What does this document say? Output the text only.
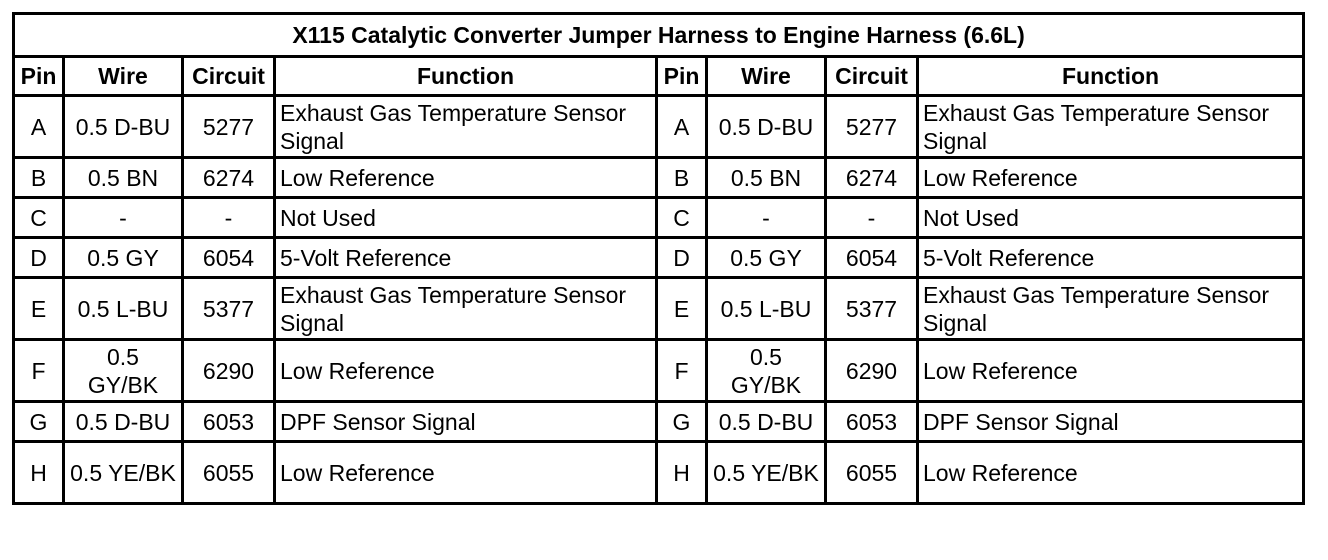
X115 Catalytic Converter Jumper Harness to Engine Harness (6.6L)							
Pin	Wire	Circuit	Function	Pin	Wire	Circuit	Function
A	0.5 D-BU	5277	Exhaust Gas Temperature Sensor Signal	A	0.5 D-BU	5277	Exhaust Gas Temperature Sensor Signal
B	0.5 BN	6274	Low Reference	B	0.5 BN	6274	Low Reference
C	-	-	Not Used	C	-	-	Not Used
D	0.5 GY	6054	5-Volt Reference	D	0.5 GY	6054	5-Volt Reference
E	0.5 L-BU	5377	Exhaust Gas Temperature Sensor Signal	E	0.5 L-BU	5377	Exhaust Gas Temperature Sensor Signal
F	0.5 GY/BK	6290	Low Reference	F	0.5 GY/BK	6290	Low Reference
G	0.5 D-BU	6053	DPF Sensor Signal	G	0.5 D-BU	6053	DPF Sensor Signal
H	0.5 YE/BK	6055	Low Reference	H	0.5 YE/BK	6055	Low Reference
